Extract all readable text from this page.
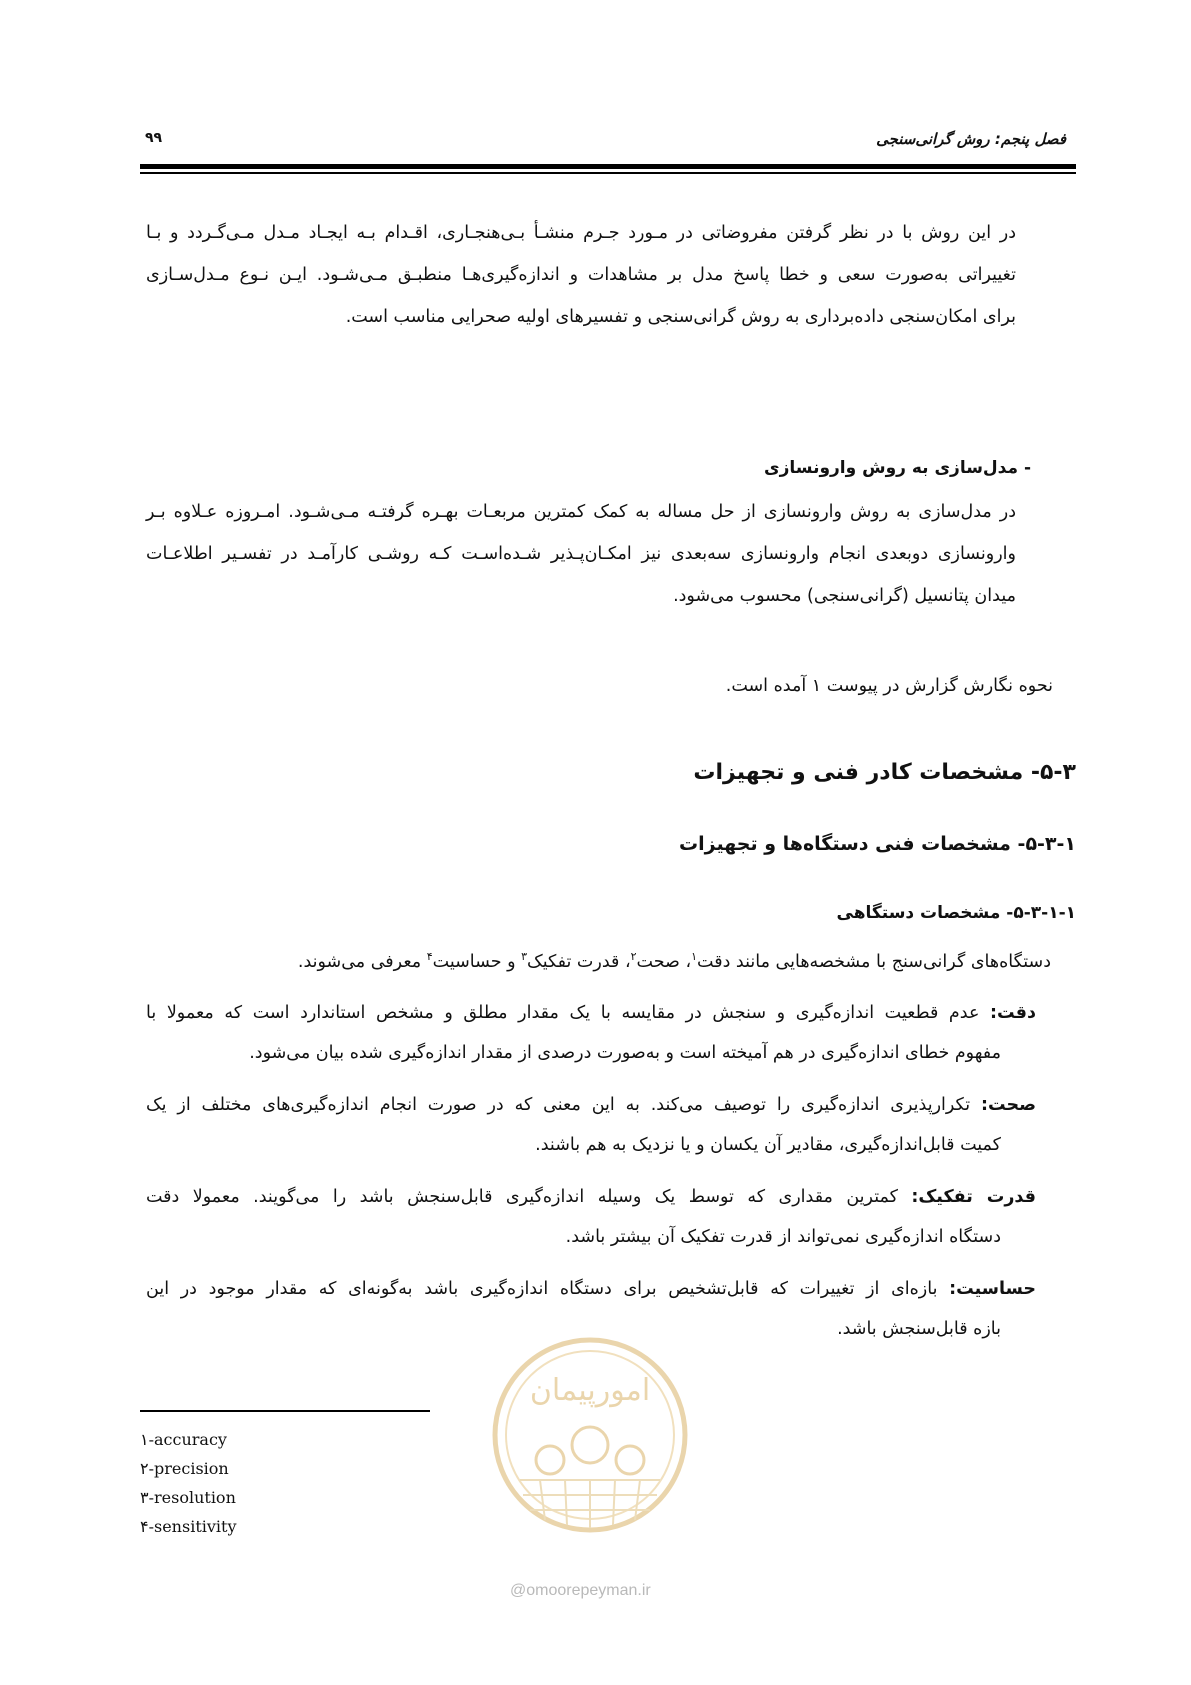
فصل پنجم: روش گرانی‌سنجی
۹۹
در این روش با در نظر گرفتن مفروضاتی در مـورد جـرم منشـأ بـی‌هنجـاری، اقـدام بـه ایجـاد مـدل مـی‌گـردد و بـا
تغییراتی به‌صورت سعی و خطا پاسخ مدل بر مشاهدات و اندازه‌گیری‌هـا منطبـق مـی‌شـود. ایـن نـوع مـدل‌سـازی
برای امکان‌سنجی داده‌برداری به روش گرانی‌سنجی و تفسیرهای اولیه صحرایی مناسب است.
- مدل‌سازی به روش وارونسازی
در مدل‌سازی به روش وارونسازی از حل مساله به کمک کمترین مربعـات بهـره گرفتـه مـی‌شـود. امـروزه عـلاوه بـر
وارونسازی دوبعدی انجام وارونسازی سه‌بعدی نیز امکـان‌پـذیر شـده‌اسـت کـه روشـی کارآمـد در تفسـیر اطلاعـات
میدان پتانسیل (گرانی‌سنجی) محسوب می‌شود.
نحوه نگارش گزارش در پیوست ۱ آمده است.
۵-۳- مشخصات کادر فنی و تجهیزات
۵-۳-۱- مشخصات فنی دستگاه‌ها و تجهیزات
۵-۳-۱-۱- مشخصات دستگاهی
دستگاه‌های گرانی‌سنج با مشخصه‌هایی مانند دقت$^۱$، صحت$^۲$، قدرت تفکیک$^۳$ و حساسیت$^۴$ معرفی می‌شوند.
دقت: عدم قطعیت اندازه‌گیری و سنجش در مقایسه با یک مقدار مطلق و مشخص استاندارد است که معمولا با
مفهوم خطای اندازه‌گیری در هم آمیخته است و به‌صورت درصدی از مقدار اندازه‌گیری شده بیان می‌شود.
صحت: تکرارپذیری اندازه‌گیری را توصیف می‌کند. به این معنی که در صورت انجام اندازه‌گیری‌های مختلف از یک
کمیت قابل‌اندازه‌گیری، مقادیر آن یکسان و یا نزدیک به هم باشند.
قدرت تفکیک: کمترین مقداری که توسط یک وسیله اندازه‌گیری قابل‌سنجش باشد را می‌گویند. معمولا دقت
دستگاه اندازه‌گیری نمی‌تواند از قدرت تفکیک آن بیشتر باشد.
حساسیت: بازه‌ای از تغییرات که قابل‌تشخیص برای دستگاه اندازه‌گیری باشد به‌گونه‌ای که مقدار موجود در این
بازه قابل‌سنجش باشد.
امورپیمان
@omoorepeyman.ir
۱-accuracy
۲-precision
۳-resolution
۴-sensitivity
